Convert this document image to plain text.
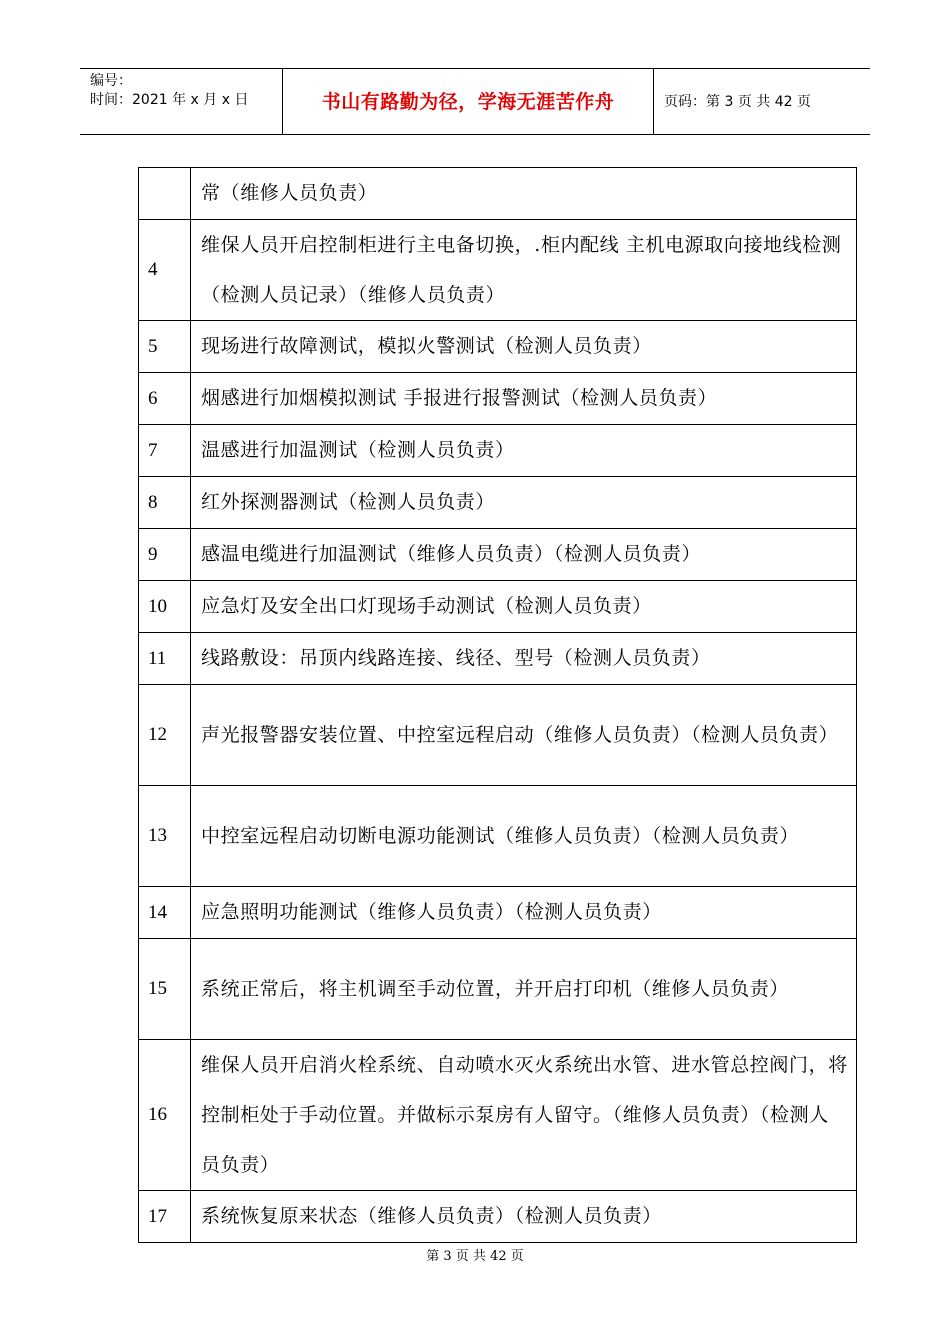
编号：
时间：2021 年 x 月 x 日	书山有路勤为径，学海无涯苦作舟	页码：第 3 页 共 42 页
	常（维修人员负责）
4	维保人员开启控制柜进行主电备切换，.柜内配线 主机电源取向接地线检测（检测人员记录）（维修人员负责）
5	现场进行故障测试，模拟火警测试（检测人员负责）
6	烟感进行加烟模拟测试 手报进行报警测试（检测人员负责）
7	温感进行加温测试（检测人员负责）
8	红外探测器测试（检测人员负责）
9	感温电缆进行加温测试（维修人员负责）（检测人员负责）
10	应急灯及安全出口灯现场手动测试（检测人员负责）
11	线路敷设：吊顶内线路连接、线径、型号（检测人员负责）
12	声光报警器安装位置、中控室远程启动（维修人员负责）（检测人员负责）
13	中控室远程启动切断电源功能测试（维修人员负责）（检测人员负责）
14	应急照明功能测试（维修人员负责）（检测人员负责）
15	系统正常后，将主机调至手动位置，并开启打印机（维修人员负责）
16	维保人员开启消火栓系统、自动喷水灭火系统出水管、进水管总控阀门，将控制柜处于手动位置。并做标示泵房有人留守。（维修人员负责）（检测人员负责）
17	系统恢复原来状态（维修人员负责）（检测人员负责）
第 3 页 共 42 页
